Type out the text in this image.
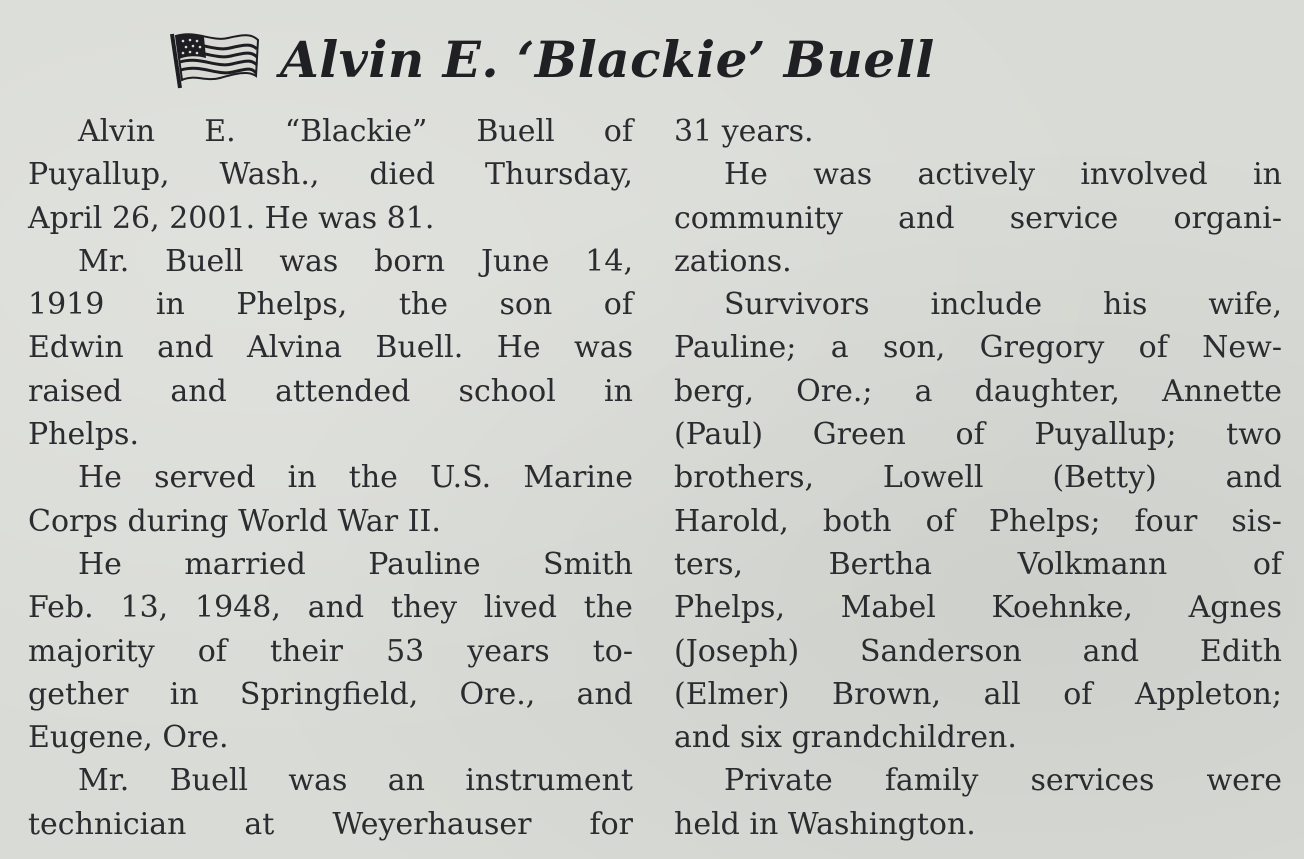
Alvin E. ‘Blackie’ Buell
Alvin E. “Blackie” Buell of
Puyallup, Wash., died Thursday,
April
26,
2001.
He
was
81.

Mr. Buell was born June 14,
1919 in Phelps, the son of
Edwin and Alvina Buell. He was
raised and attended school in
Phelps.

He served in the U.S. Marine
Corps
during
World
War
II.

He married Pauline Smith
Feb. 13, 1948, and they lived the
majority of their 53 years to-
gether in Springfield, Ore., and
Eugene,
Ore.

Mr. Buell was an instrument
technician at Weyerhauser for
31
years.

He was actively involved in
community and service organi-
zations.

Survivors include his wife,
Pauline; a son, Gregory of New-
berg, Ore.; a daughter, Annette
(Paul) Green of Puyallup; two
brothers, Lowell (Betty) and
Harold, both of Phelps; four sis-
ters,	Bertha	Volkmann	of
Phelps, Mabel Koehnke, Agnes
(Joseph) Sanderson and Edith
(Elmer) Brown, all of Appleton;
and
six
grandchildren.

Private family services were
held
in
Washington.
